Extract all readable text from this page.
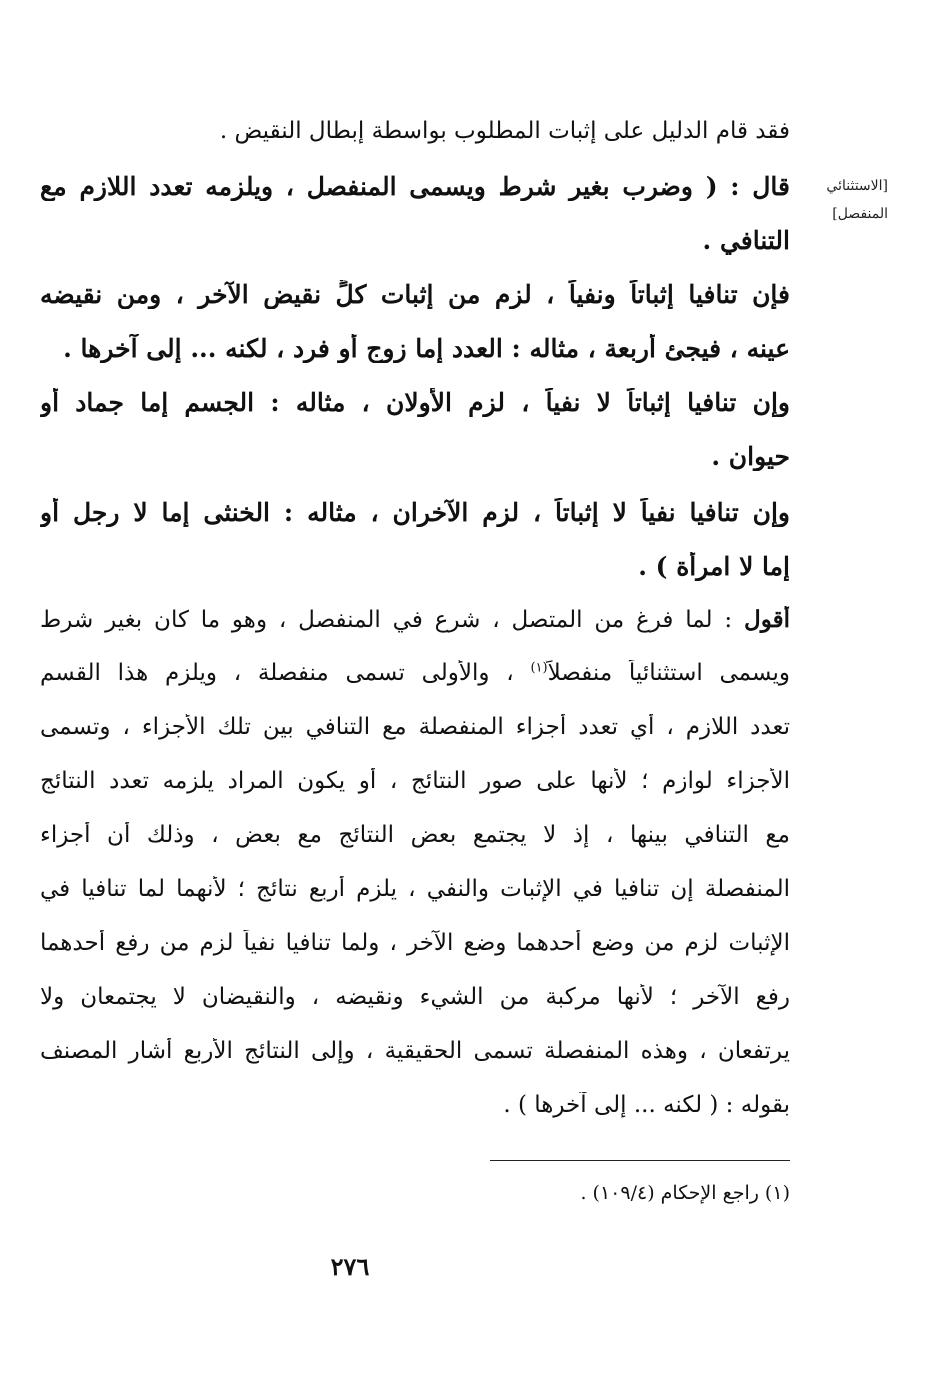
[الاستثنائي
المنفصل]
فقد قام الدليل على إثبات المطلوب بواسطة إبطال النقيض .
قال : ( وضرب بغير شرط ويسمى المنفصل ، ويلزمه تعدد اللازم مع
التنافي .
فإن تنافيا إثباتاً ونفياً ، لزم من إثبات كلٍّ نقيض الآخر ، ومن نقيضه
عينه ، فيجئ أربعة ، مثاله : العدد إما زوج أو فرد ، لكنه ... إلى آخرها .
وإن تنافيا إثباتاً لا نفياً ، لزم الأولان ، مثاله : الجسم إما جماد أو
حيوان .
وإن تنافيا نفياً لا إثباتاً ، لزم الآخران ، مثاله : الخنثى إما لا رجل أو
إما لا امرأة ) .
أقول : لما فرغ من المتصل ، شرع في المنفصل ، وهو ما كان بغير شرط
ويسمى استثنائياً منفصلاً$^{(١)}$ ، والأولى تسمى منفصلة ، ويلزم هذا القسم
تعدد اللازم ، أي تعدد أجزاء المنفصلة مع التنافي بين تلك الأجزاء ، وتسمى
الأجزاء لوازم ؛ لأنها على صور النتائج ، أو يكون المراد يلزمه تعدد النتائج
مع التنافي بينها ، إذ لا يجتمع بعض النتائج مع بعض ، وذلك أن أجزاء
المنفصلة إن تنافيا في الإثبات والنفي ، يلزم أربع نتائج ؛ لأنهما لما تنافيا في
الإثبات لزم من وضع أحدهما وضع الآخر ، ولما تنافيا نفياً لزم من رفع أحدهما
رفع الآخر ؛ لأنها مركبة من الشيء ونقيضه ، والنقيضان لا يجتمعان ولا
يرتفعان ، وهذه المنفصلة تسمى الحقيقية ، وإلى النتائج الأربع أشار المصنف
بقوله : ( لكنه ... إلى آخرها ) .
(١) راجع الإحكام (١٠٩/٤) .
٢٧٦
